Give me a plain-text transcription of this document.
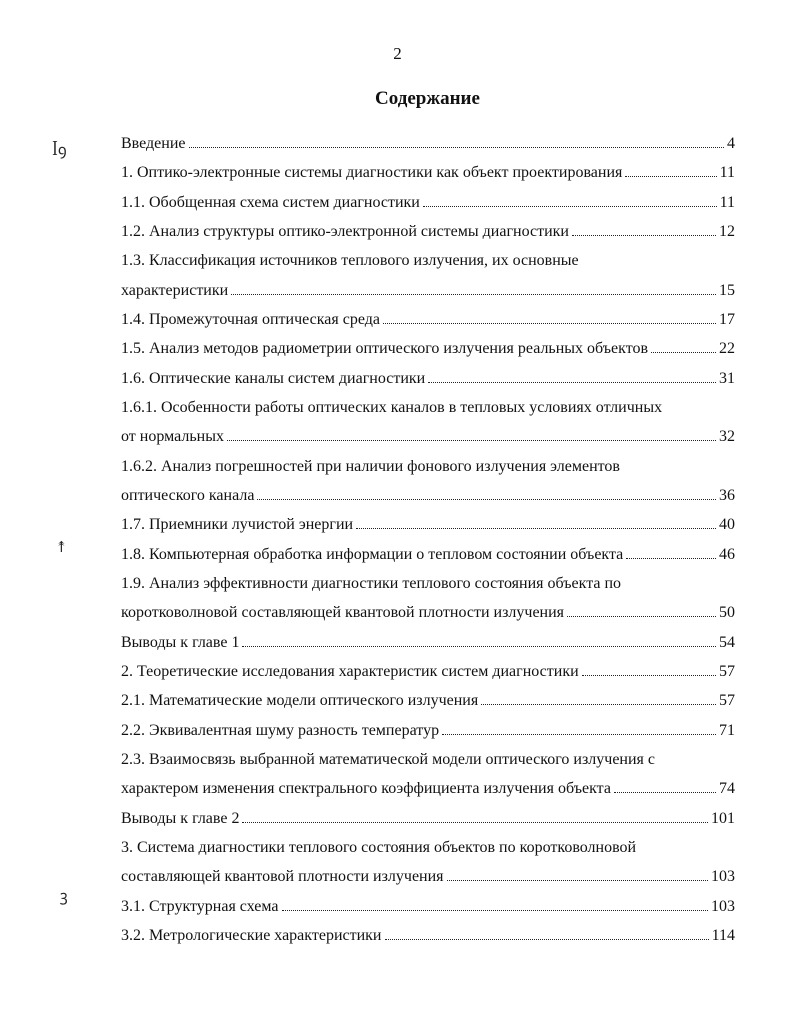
2
Содержание
ꟾꝯ
↟
ꝫ
Введение	4
1. Оптико-электронные системы диагностики как объект проектирования	11
1.1. Обобщенная схема систем диагностики	11
1.2. Анализ структуры оптико-электронной системы диагностики	12
1.3. Классификация источников теплового излучения, их основные
характеристики	15
1.4. Промежуточная оптическая среда	17
1.5. Анализ методов радиометрии оптического излучения реальных объектов	22
1.6. Оптические каналы систем диагностики	31
1.6.1. Особенности работы оптических каналов в тепловых условиях отличных
от нормальных	32
1.6.2. Анализ погрешностей при наличии фонового излучения элементов
оптического канала	36
1.7. Приемники лучистой энергии	40
1.8. Компьютерная обработка информации о тепловом состоянии объекта	46
1.9. Анализ эффективности диагностики теплового состояния объекта по
коротковолновой составляющей квантовой плотности излучения	50
Выводы к главе 1	54
2. Теоретические исследования характеристик систем диагностики	57
2.1. Математические модели оптического излучения	57
2.2. Эквивалентная шуму разность температур	71
2.3. Взаимосвязь выбранной математической модели оптического излучения с
характером изменения спектрального коэффициента излучения объекта	74
Выводы к главе 2	101
3. Система диагностики теплового состояния объектов по коротковолновой
составляющей квантовой плотности излучения	103
3.1. Структурная схема	103
3.2. Метрологические характеристики	114
